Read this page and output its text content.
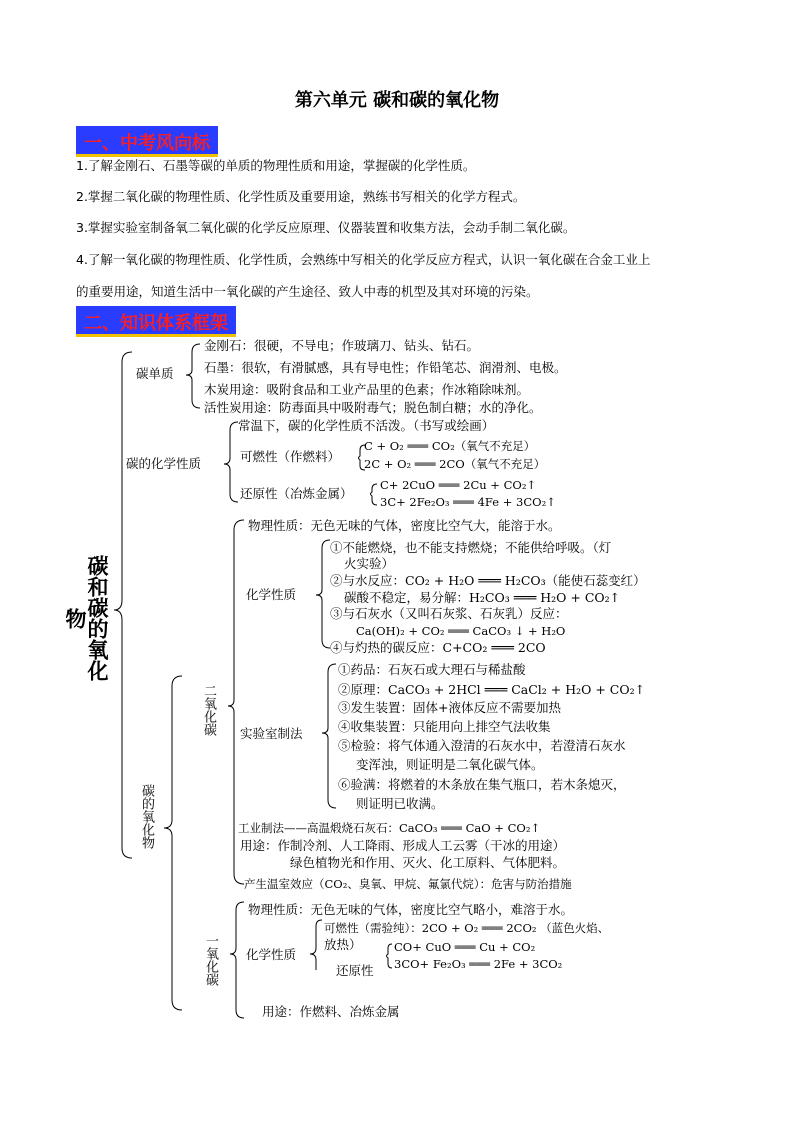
第六单元 碳和碳的氧化物
一、中考风向标
1.了解金刚石、石墨等碳的单质的物理性质和用途，掌握碳的化学性质。
2.掌握二氧化碳的物理性质、化学性质及重要用途，熟练书写相关的化学方程式。
3.掌握实验室制备氧二氧化碳的化学反应原理、仪器装置和收集方法，会动手制二氧化碳。
4.了解一氧化碳的物理性质、化学性质，会熟练中写相关的化学反应方程式，认识一氧化碳在合金工业上
的重要用途，知道生活中一氧化碳的产生途径、致人中毒的机型及其对环境的污染。
二、知识体系框架
碳和碳的氧化物
碳单质
金刚石：很硬，不导电；作玻璃刀、钻头、钻石。
石墨：很软，有滑腻感，具有导电性；作铅笔芯、润滑剂、电极。
木炭用途：吸附食品和工业产品里的色素；作冰箱除味剂。
活性炭用途：防毒面具中吸附毒气；脱色制白糖；水的净化。
碳的化学性质
常温下，碳的化学性质不活泼。（书写或绘画）
可燃性（作燃料）
C + O₂ ═══ CO₂（氧气不充足）
2C + O₂ ═══ 2CO（氧气不充足）
还原性（冶炼金属）
C+ 2CuO ═══ 2Cu + CO₂↑
3C+ 2Fe₂O₃ ═══ 4Fe + 3CO₂↑
碳的氧化物
二氧化碳
物理性质：无色无味的气体，密度比空气大，能溶于水。
化学性质
①不能燃烧，也不能支持燃烧；不能供给呼吸。（灯
火实验）
②与水反应：CO₂ + H₂O ═══ H₂CO₃（能使石蕊变红）
碳酸不稳定，易分解：H₂CO₃ ═══ H₂O + CO₂↑
③与石灰水（又叫石灰浆、石灰乳）反应：
Ca(OH)₂ + CO₂ ═══ CaCO₃ ↓ + H₂O
④与灼热的碳反应：C+CO₂ ═══ 2CO
实验室制法
①药品：石灰石或大理石与稀盐酸
②原理：CaCO₃ + 2HCl ═══ CaCl₂ + H₂O + CO₂↑
③发生装置：固体+液体反应不需要加热
④收集装置：只能用向上排空气法收集
⑤检验：将气体通入澄清的石灰水中，若澄清石灰水
变浑浊，则证明是二氧化碳气体。
⑥验满：将燃着的木条放在集气瓶口，若木条熄灭，
则证明已收满。
工业制法——高温煅烧石灰石：CaCO₃ ═══ CaO + CO₂↑
用途：作制冷剂、人工降雨、形成人工云雾（干冰的用途）
绿色植物光和作用、灭火、化工原料、气体肥料。
产生温室效应（CO₂、臭氧、甲烷、氟氯代烷）：危害与防治措施
一氧化碳
物理性质：无色无味的气体，密度比空气略小，难溶于水。
化学性质
可燃性（需验纯）：2CO + O₂ ═══ 2CO₂ （蓝色火焰、
放热）
还原性
CO+ CuO ═══ Cu + CO₂
3CO+ Fe₂O₃ ═══ 2Fe + 3CO₂
用途：作燃料、冶炼金属
